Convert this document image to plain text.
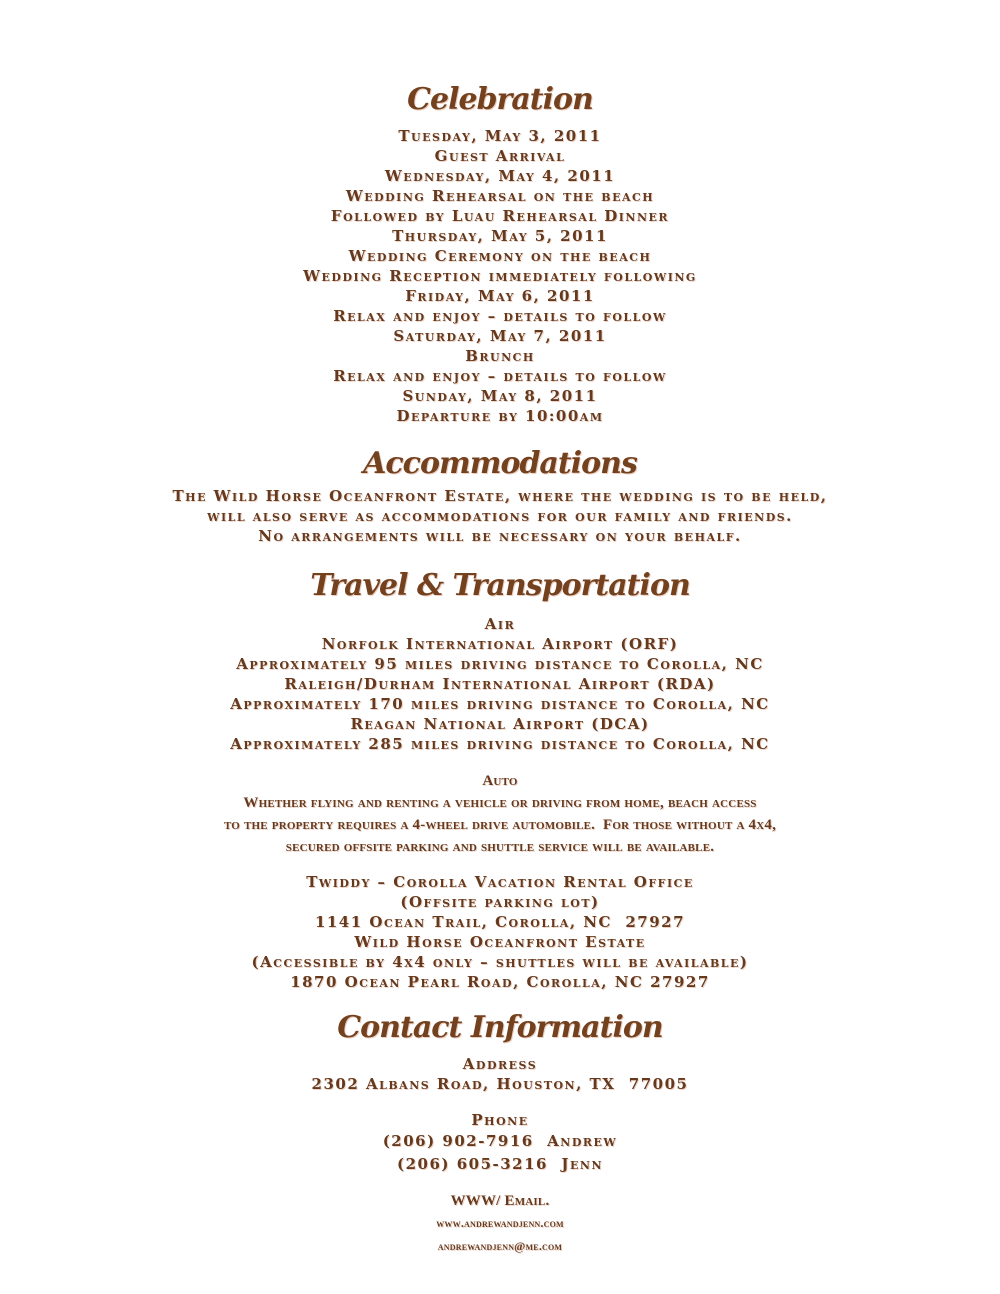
Celebration
Tuesday, May 3, 2011
Guest Arrival
Wednesday, May 4, 2011
Wedding Rehearsal on the beach
Followed by Luau Rehearsal Dinner
Thursday, May 5, 2011
Wedding Ceremony on the beach
Wedding Reception immediately following
Friday, May 6, 2011
Relax and enjoy – details to follow
Saturday, May 7, 2011
Brunch
Relax and enjoy – details to follow
Sunday, May 8, 2011
Departure by 10:00am
Accommodations
The Wild Horse Oceanfront Estate, where the wedding is to be held,
will also serve as accommodations for our family and friends.
No arrangements will be necessary on your behalf.
Travel & Transportation
Air
Norfolk International Airport (ORF)
Approximately 95 miles driving distance to Corolla, NC
Raleigh/Durham International Airport (RDA)
Approximately 170 miles driving distance to Corolla, NC
Reagan National Airport (DCA)
Approximately 285 miles driving distance to Corolla, NC
Auto
Whether flying and renting a vehicle or driving from home, beach access
to the property requires a 4-wheel drive automobile.  For those without a 4x4,
secured offsite parking and shuttle service will be available.
Twiddy – Corolla Vacation Rental Office
(Offsite parking lot)
1141 Ocean Trail, Corolla, NC  27927
Wild Horse Oceanfront Estate
(Accessible by 4x4 only – shuttles will be available)
1870 Ocean Pearl Road, Corolla, NC 27927
Contact Information
Address
2302 Albans Road, Houston, TX  77005
Phone
(206) 902-7916  Andrew
(206) 605-3216  Jenn
WWW/ Email.
www.andrewandjenn.com
andrewandjenn@me.com
